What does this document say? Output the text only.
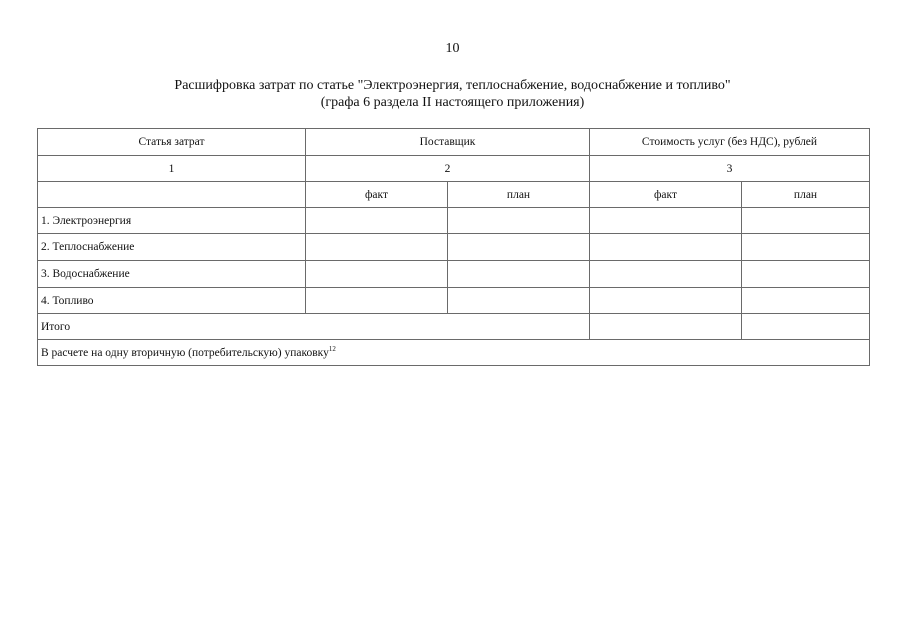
10
Расшифровка затрат по статье "Электроэнергия, теплоснабжение, водоснабжение и топливо"
(графа 6 раздела II настоящего приложения)
Статья затрат	Поставщик		Стоимость услуг (без НДС), рублей	
1	2		3	
	факт	план	факт	план
1. Электроэнергия				
2. Теплоснабжение				
3. Водоснабжение				
4. Топливо				
Итого				
В расчете на одну вторичную (потребительскую) упаковку$^{12}$
